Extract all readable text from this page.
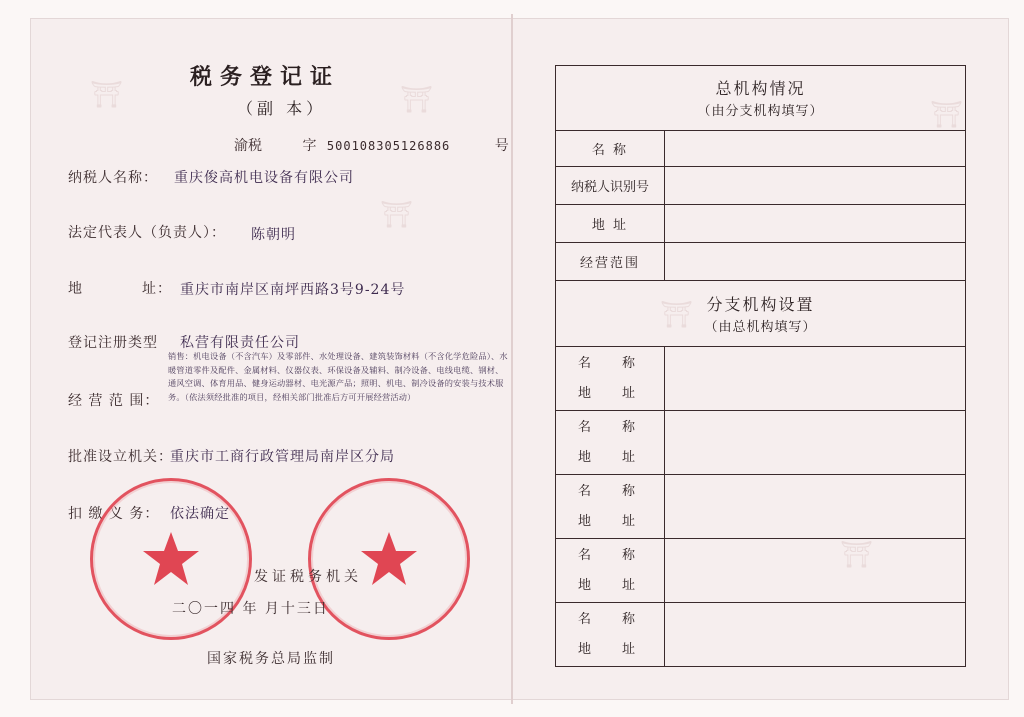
⛩	⛩
⛩
⛩
⛩
⛩
税务登记证
（副 本）
渝税	字 500108305126886	号
纳税人名称： 重庆俊高机电设备有限公司
法定代表人（负责人）： 陈朝明
地	址： 重庆市南岸区南坪西路3号9-24号
登记注册类型 私营有限责任公司
经 营 范 围：
销售：机电设备（不含汽车）及零部件、水处理设备、建筑装饰材料（不含化学危险品）、水暖管道零件及配件、金属材料、仪器仪表、环保设备及辅料、制冷设备、电线电缆、钢材、通风空调、体育用品、健身运动器材、电光源产品；照明、机电、制冷设备的安装与技术服务。（依法须经批准的项目，经相关部门批准后方可开展经营活动）
批准设立机关：
重庆市工商行政管理局南岸区分局
扣 缴 义 务： 依法确定
发证税务机关
二〇一四 年 月十三日
国家税务总局监制
总机构情况
（由分支机构填写）
名 称
纳税人识别号
地 址
经营范围
分支机构设置
（由总机构填写）
名 称
地 址
名 称
地 址
名 称
地 址
名 称
地 址
名 称
地 址
